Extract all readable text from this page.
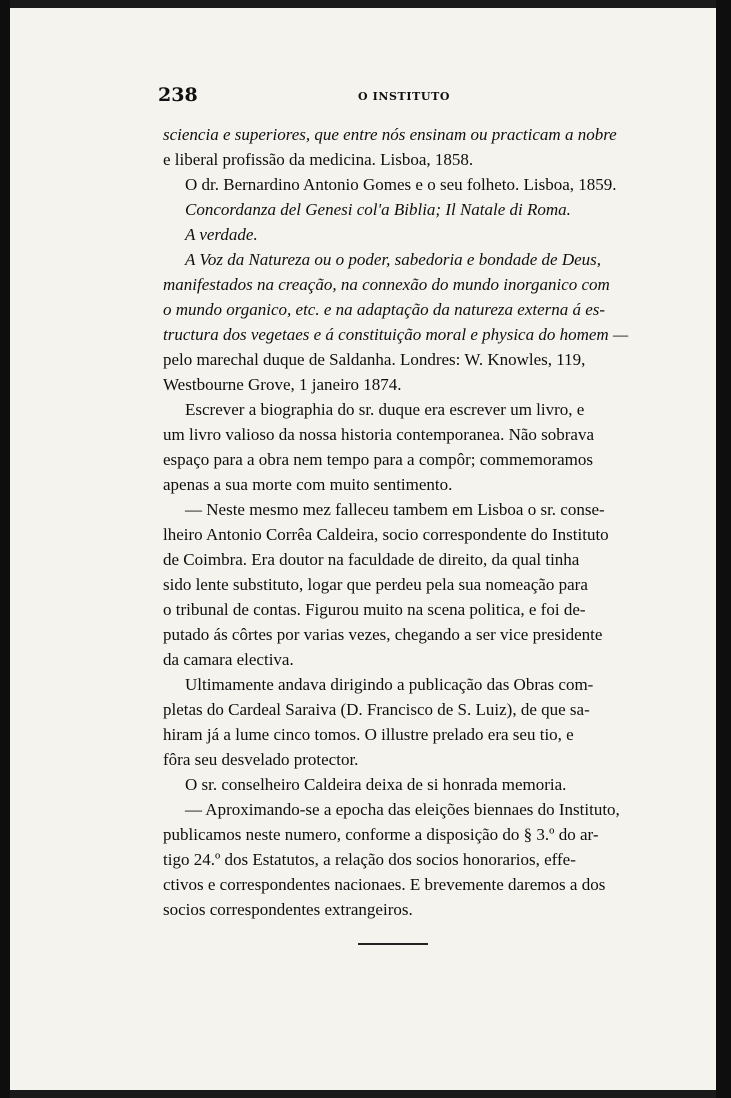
238	O INSTITUTO

sciencia e superiores, que entre nós ensinam ou practicam a nobre

e liberal profissão da medicina. Lisboa, 1858.

O dr. Bernardino Antonio Gomes e o seu folheto. Lisboa, 1859.

Concordanza del Genesi col'a Biblia; Il Natale di Roma.

A verdade.

A Voz da Natureza ou o poder, sabedoria e bondade de Deus,

manifestados na creação, na connexão do mundo inorganico com

o mundo organico, etc. e na adaptação da natureza externa á es-

tructura dos vegetaes e á constituição moral e physica do homem —

pelo marechal duque de Saldanha. Londres: W. Knowles, 119,

Westbourne Grove, 1 janeiro 1874.

Escrever a biographia do sr. duque era escrever um livro, e

um livro valioso da nossa historia contemporanea. Não sobrava

espaço para a obra nem tempo para a compôr; commemoramos

apenas a sua morte com muito sentimento.

— Neste mesmo mez falleceu tambem em Lisboa o sr. conse-

lheiro Antonio Corrêa Caldeira, socio correspondente do Instituto

de Coimbra. Era doutor na faculdade de direito, da qual tinha

sido lente substituto, logar que perdeu pela sua nomeação para

o tribunal de contas. Figurou muito na scena politica, e foi de-

putado ás côrtes por varias vezes, chegando a ser vice presidente

da camara electiva.

Ultimamente andava dirigindo a publicação das Obras com-

pletas do Cardeal Saraiva (D. Francisco de S. Luiz), de que sa-

hiram já a lume cinco tomos. O illustre prelado era seu tio, e

fôra seu desvelado protector.

O sr. conselheiro Caldeira deixa de si honrada memoria.

— Aproximando-se a epocha das eleições biennaes do Instituto,

publicamos neste numero, conforme a disposição do § 3.º do ar-

tigo 24.º dos Estatutos, a relação dos socios honorarios, effe-

ctivos e correspondentes nacionaes. E brevemente daremos a dos

socios correspondentes extrangeiros.
